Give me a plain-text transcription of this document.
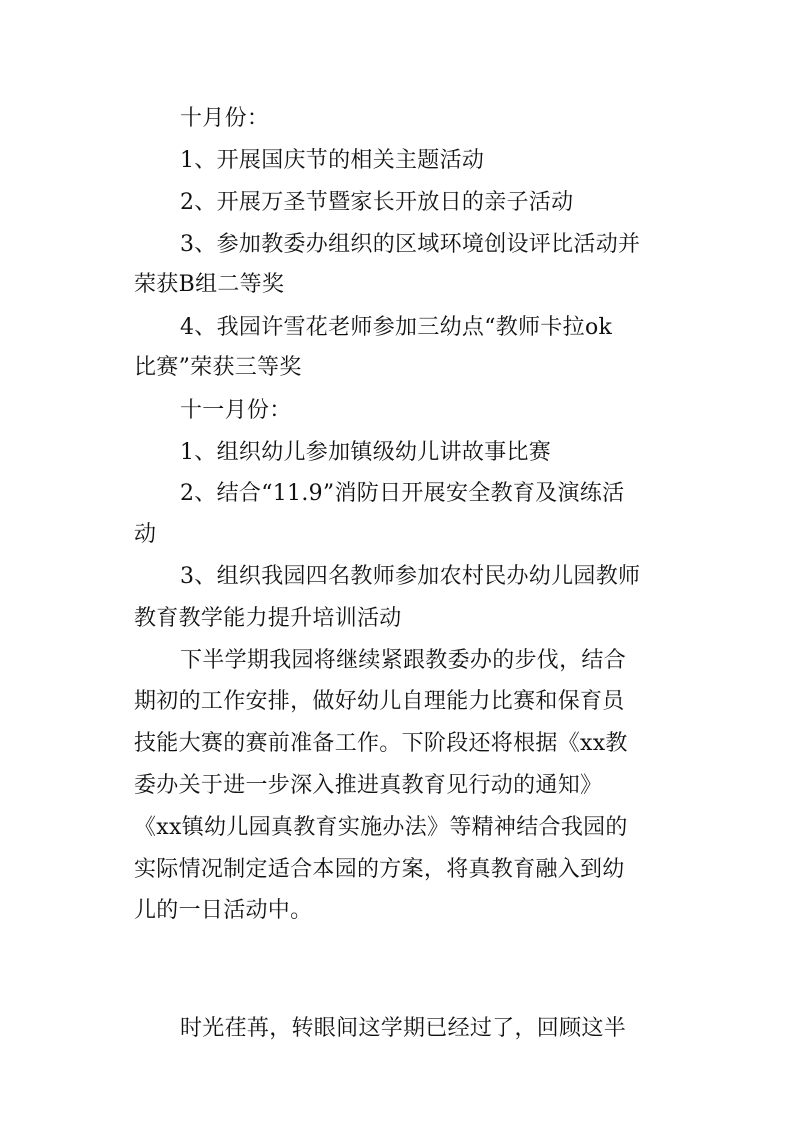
十月份：
1、开展国庆节的相关主题活动
2、开展万圣节暨家长开放日的亲子活动
3、参加教委办组织的区域环境创设评比活动并
荣获B组二等奖
4、我园许雪花老师参加三幼点“教师卡拉ok
比赛”荣获三等奖
十一月份：
1、组织幼儿参加镇级幼儿讲故事比赛
2、结合“11.9”消防日开展安全教育及演练活
动
3、组织我园四名教师参加农村民办幼儿园教师
教育教学能力提升培训活动
下半学期我园将继续紧跟教委办的步伐，结合
期初的工作安排，做好幼儿自理能力比赛和保育员
技能大赛的赛前准备工作。下阶段还将根据《xx教
委办关于进一步深入推进真教育见行动的通知》
《xx镇幼儿园真教育实施办法》等精神结合我园的
实际情况制定适合本园的方案，将真教育融入到幼
儿的一日活动中。
时光荏苒，转眼间这学期已经过了，回顾这半
